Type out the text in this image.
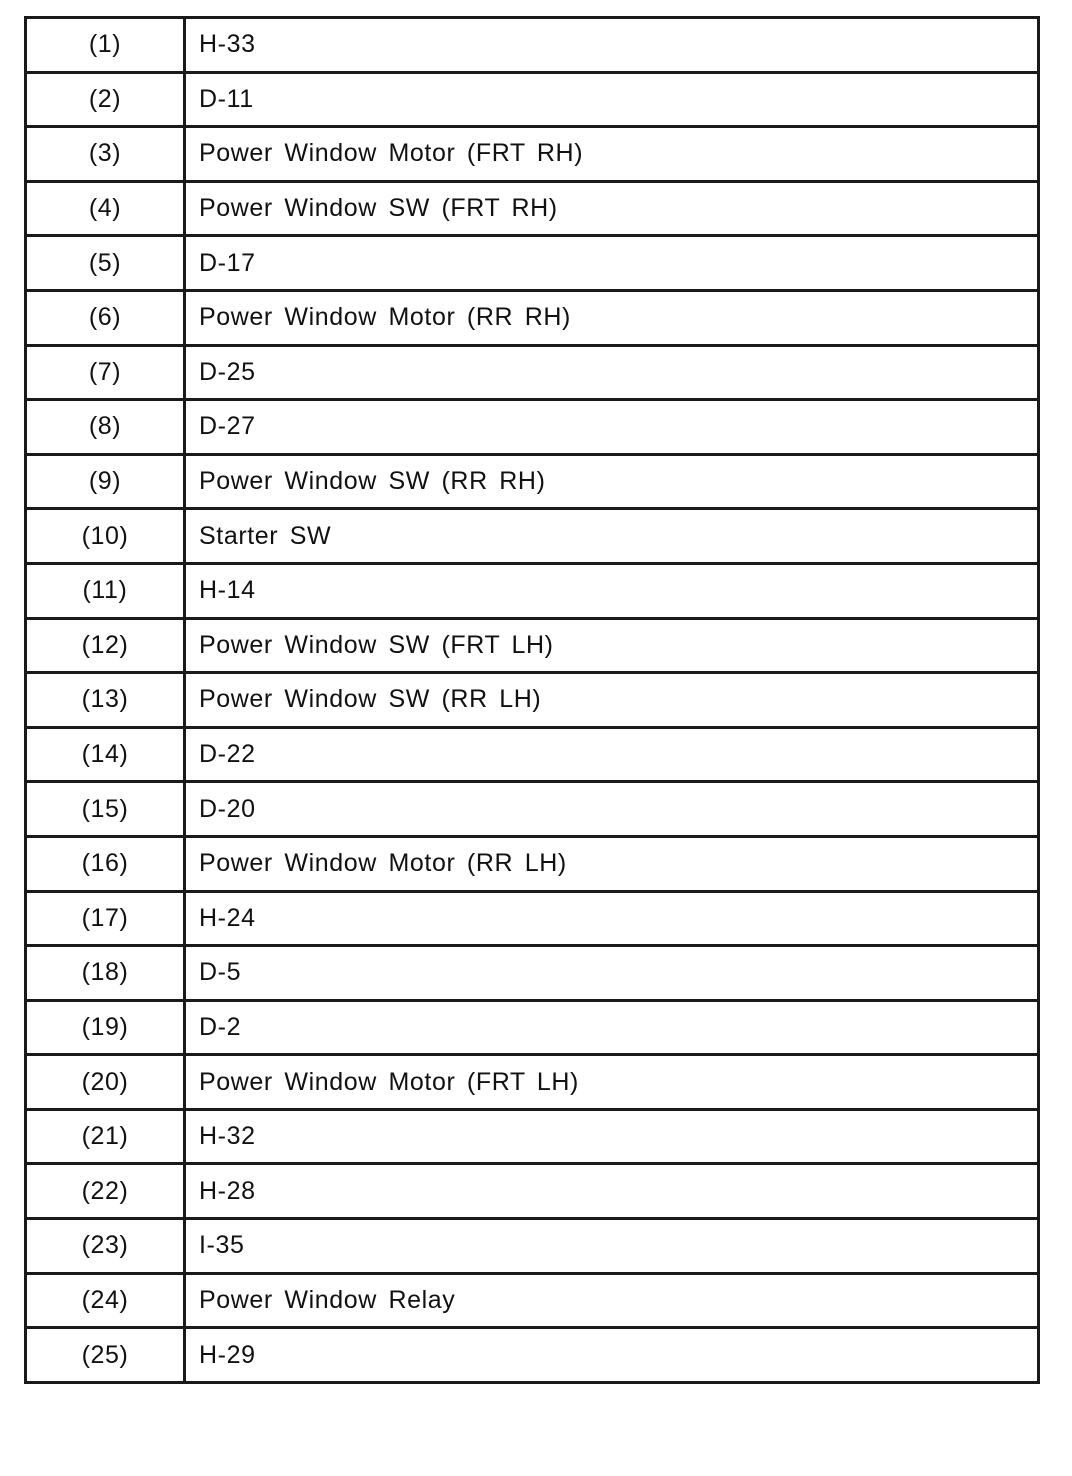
(1)	H-33
(2)	D-11
(3)	Power Window Motor (FRT RH)
(4)	Power Window SW (FRT RH)
(5)	D-17
(6)	Power Window Motor (RR RH)
(7)	D-25
(8)	D-27
(9)	Power Window SW (RR RH)
(10)	Starter SW
(11)	H-14
(12)	Power Window SW (FRT LH)
(13)	Power Window SW (RR LH)
(14)	D-22
(15)	D-20
(16)	Power Window Motor (RR LH)
(17)	H-24
(18)	D-5
(19)	D-2
(20)	Power Window Motor (FRT LH)
(21)	H-32
(22)	H-28
(23)	I-35
(24)	Power Window Relay
(25)	H-29
